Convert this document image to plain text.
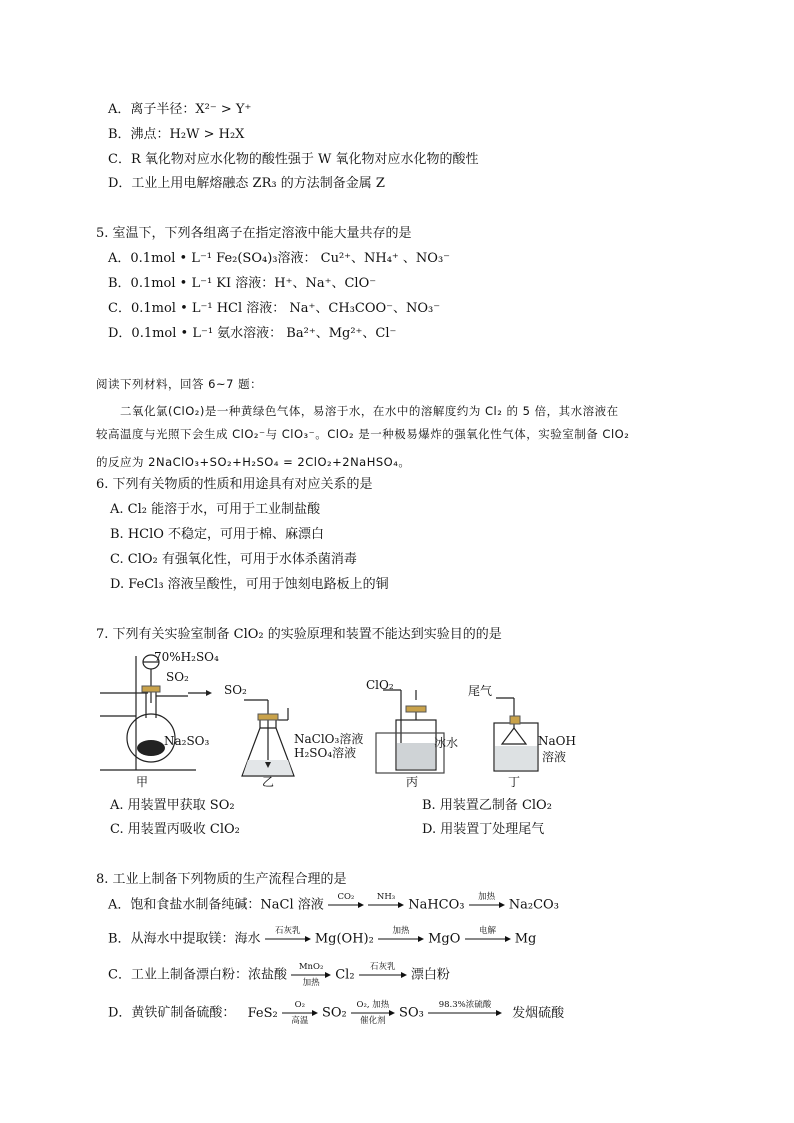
A．离子半径：X²⁻ > Y⁺
B．沸点：H₂W > H₂X
C．R 氧化物对应水化物的酸性强于 W 氧化物对应水化物的酸性
D．工业上用电解熔融态 ZR₃ 的方法制备金属 Z
5. 室温下，下列各组离子在指定溶液中能大量共存的是
A．0.1mol • L⁻¹ Fe₂(SO₄)₃溶液： Cu²⁺、NH₄⁺ 、NO₃⁻
B．0.1mol • L⁻¹ KI 溶液：H⁺、Na⁺、ClO⁻
C．0.1mol • L⁻¹ HCl 溶液： Na⁺、CH₃COO⁻、NO₃⁻
D．0.1mol • L⁻¹ 氨水溶液： Ba²⁺、Mg²⁺、Cl⁻
阅读下列材料，回答 6~7 题：
二氧化氯(ClO₂)是一种黄绿色气体，易溶于水，在水中的溶解度约为 Cl₂ 的 5 倍，其水溶液在
较高温度与光照下会生成 ClO₂⁻与 ClO₃⁻。ClO₂ 是一种极易爆炸的强氧化性气体，实验室制备 ClO₂
的反应为 2NaClO₃+SO₂+H₂SO₄ = 2ClO₂+2NaHSO₄。
6. 下列有关物质的性质和用途具有对应关系的是
A. Cl₂ 能溶于水，可用于工业制盐酸
B. HClO 不稳定，可用于棉、麻漂白
C. ClO₂ 有强氧化性，可用于水体杀菌消毒
D. FeCl₃ 溶液呈酸性，可用于蚀刻电路板上的铜
7. 下列有关实验室制备 ClO₂ 的实验原理和装置不能达到实验目的的是
70%H₂SO₄
SO₂
Na₂SO₃
甲
SO₂
NaClO₃溶液
H₂SO₄溶液
乙
ClO₂
冰水
丙
尾气
NaOH
溶液
丁
A. 用装置甲获取 SO₂	B. 用装置乙制备 ClO₂
C. 用装置丙吸收 ClO₂	D. 用装置丁处理尾气
8. 工业上制备下列物质的生产流程合理的是
A．饱和食盐水制备纯碱：NaCl 溶液
CO₂

	NH₃

NaHCO₃
加热

Na₂CO₃
B．从海水中提取镁：海水
石灰乳

Mg(OH)₂
加热

MgO
电解

Mg
C．工业上制备漂白粉：浓盐酸
MnO₂
加热
Cl₂
石灰乳

漂白粉
D．黄铁矿制备硫酸： FeS₂
O₂
高温
SO₂
O₂, 加热
催化剂
SO₃
98.3%浓硫酸

发烟硫酸
